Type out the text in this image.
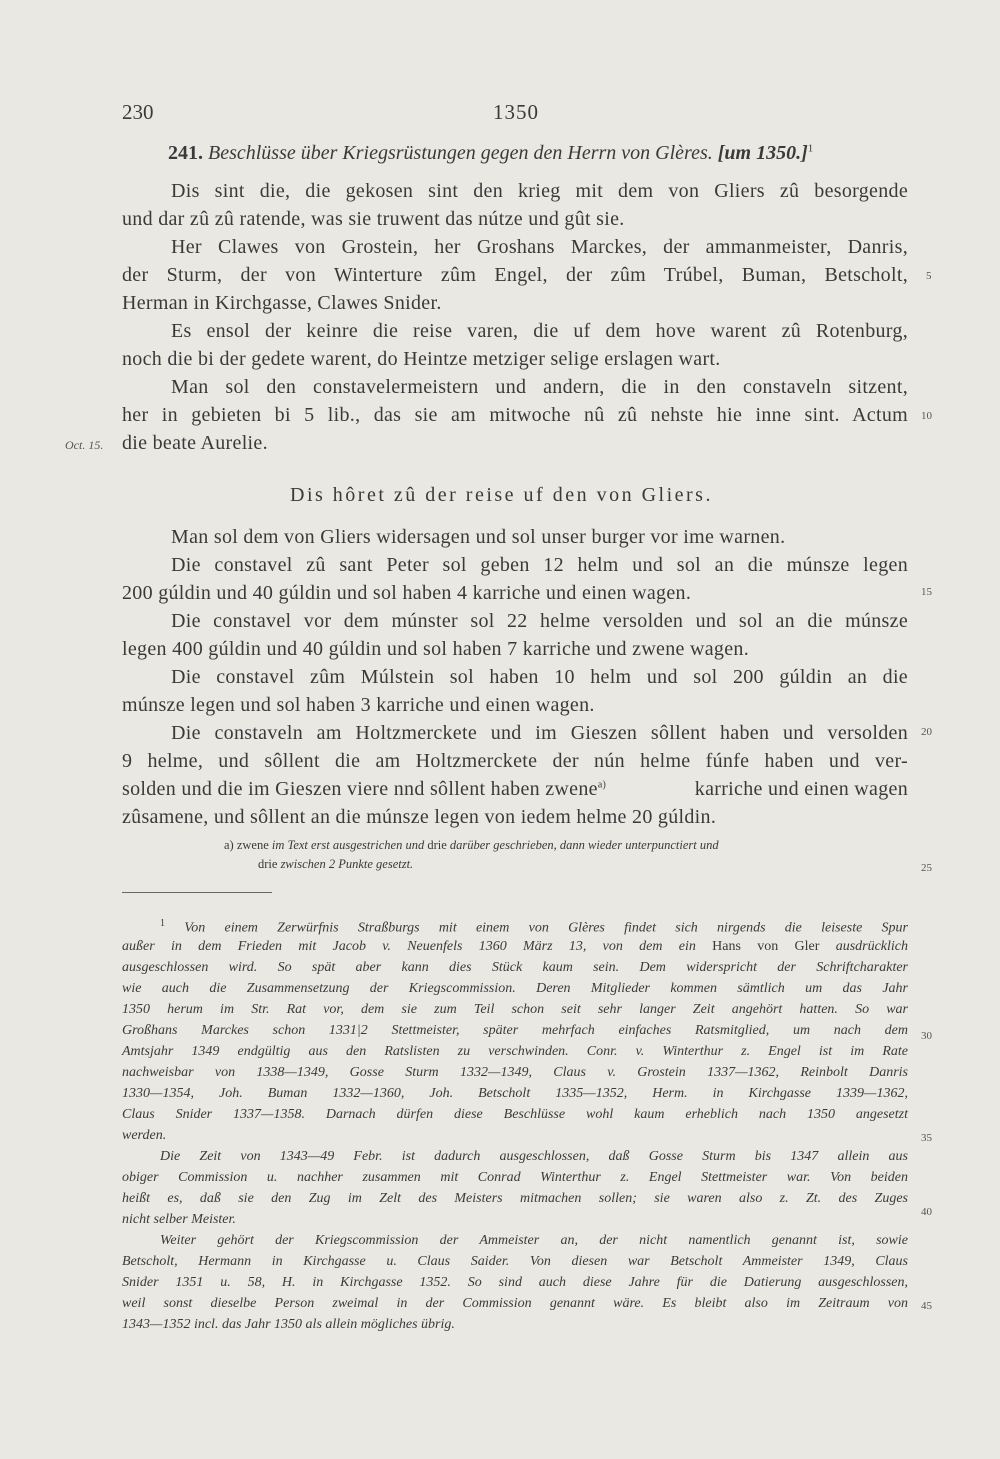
230	1350
241. Beschlüsse über Kriegsrüstungen gegen den Herrn von Glères. [um 1350.]$^1$
Dis sint die, die gekosen sint den krieg mit dem von Gliers zû besorgende
und dar zû zû ratende, was sie truwent das nútze und gût sie.
Her Clawes von Grostein, her Groshans Marckes, der ammanmeister, Danris,
der Sturm, der von Winterture zûm Engel, der zûm Trúbel, Buman, Betscholt,
Herman in Kirchgasse, Clawes Snider.
Es ensol der keinre die reise varen, die uf dem hove warent zû Rotenburg,
noch die bi der gedete warent, do Heintze metziger selige erslagen wart.
Man sol den constavelermeistern und andern, die in den constaveln sitzent,
her in gebieten bi 5 lib., das sie am mitwoche nû zû nehste hie inne sint. Actum
die beate Aurelie.
Oct. 15.
Dis hôret zû der reise uf den von Gliers.
Man sol dem von Gliers widersagen und sol unser burger vor ime warnen.
Die constavel zû sant Peter sol geben 12 helm und sol an die múnsze legen
200 gúldin und 40 gúldin und sol haben 4 karriche und einen wagen.
Die constavel vor dem múnster sol 22 helme versolden und sol an die múnsze
legen 400 gúldin und 40 gúldin und sol haben 7 karriche und zwene wagen.
Die constavel zûm Múlstein sol haben 10 helm und sol 200 gúldin an die
múnsze legen und sol haben 3 karriche und einen wagen.
Die constaveln am Holtzmerckete und im Gieszen sôllent haben und versolden
9 helme, und sôllent die am Holtzmerckete der nún helme fúnfe haben und ver-
solden und die im Gieszen viere nnd sôllent haben zwene$^{a)}$	karriche und einen wagen
zûsamene, und sôllent an die múnsze legen von iedem helme 20 gúldin.
a) zwene im Text erst ausgestrichen und drie darüber geschrieben, dann wieder unterpunctiert und
drie zwischen 2 Punkte gesetzt.
$^1$ Von einem Zerwürfnis Straßburgs mit einem von Glères findet sich nirgends die leiseste Spur
außer in dem Frieden mit Jacob v. Neuenfels 1360 März 13, von dem ein Hans von Gler ausdrücklich
ausgeschlossen wird. So spät aber kann dies Stück kaum sein. Dem widerspricht der Schriftcharakter
wie auch die Zusammensetzung der Kriegscommission. Deren Mitglieder kommen sämtlich um das Jahr
1350 herum im Str. Rat vor, dem sie zum Teil schon seit sehr langer Zeit angehört hatten. So war
Großhans Marckes schon 1331|2 Stettmeister, später mehrfach einfaches Ratsmitglied, um nach dem
Amtsjahr 1349 endgültig aus den Ratslisten zu verschwinden. Conr. v. Winterthur z. Engel ist im Rate
nachweisbar von 1338—1349, Gosse Sturm 1332—1349, Claus v. Grostein 1337—1362, Reinbolt Danris
1330—1354, Joh. Buman 1332—1360, Joh. Betscholt 1335—1352, Herm. in Kirchgasse 1339—1362,
Claus Snider 1337—1358. Darnach dürfen diese Beschlüsse wohl kaum erheblich nach 1350 angesetzt
werden.
Die Zeit von 1343—49 Febr. ist dadurch ausgeschlossen, daß Gosse Sturm bis 1347 allein aus
obiger Commission u. nachher zusammen mit Conrad Winterthur z. Engel Stettmeister war. Von beiden
heißt es, daß sie den Zug im Zelt des Meisters mitmachen sollen; sie waren also z. Zt. des Zuges
nicht selber Meister.
Weiter gehört der Kriegscommission der Ammeister an, der nicht namentlich genannt ist, sowie
Betscholt, Hermann in Kirchgasse u. Claus Saider. Von diesen war Betscholt Ammeister 1349, Claus
Snider 1351 u. 58, H. in Kirchgasse 1352. So sind auch diese Jahre für die Datierung ausgeschlossen,
weil sonst dieselbe Person zweimal in der Commission genannt wäre. Es bleibt also im Zeitraum von
1343—1352 incl. das Jahr 1350 als allein mögliches übrig.
5
10
15
20
25
30
35
40
45
